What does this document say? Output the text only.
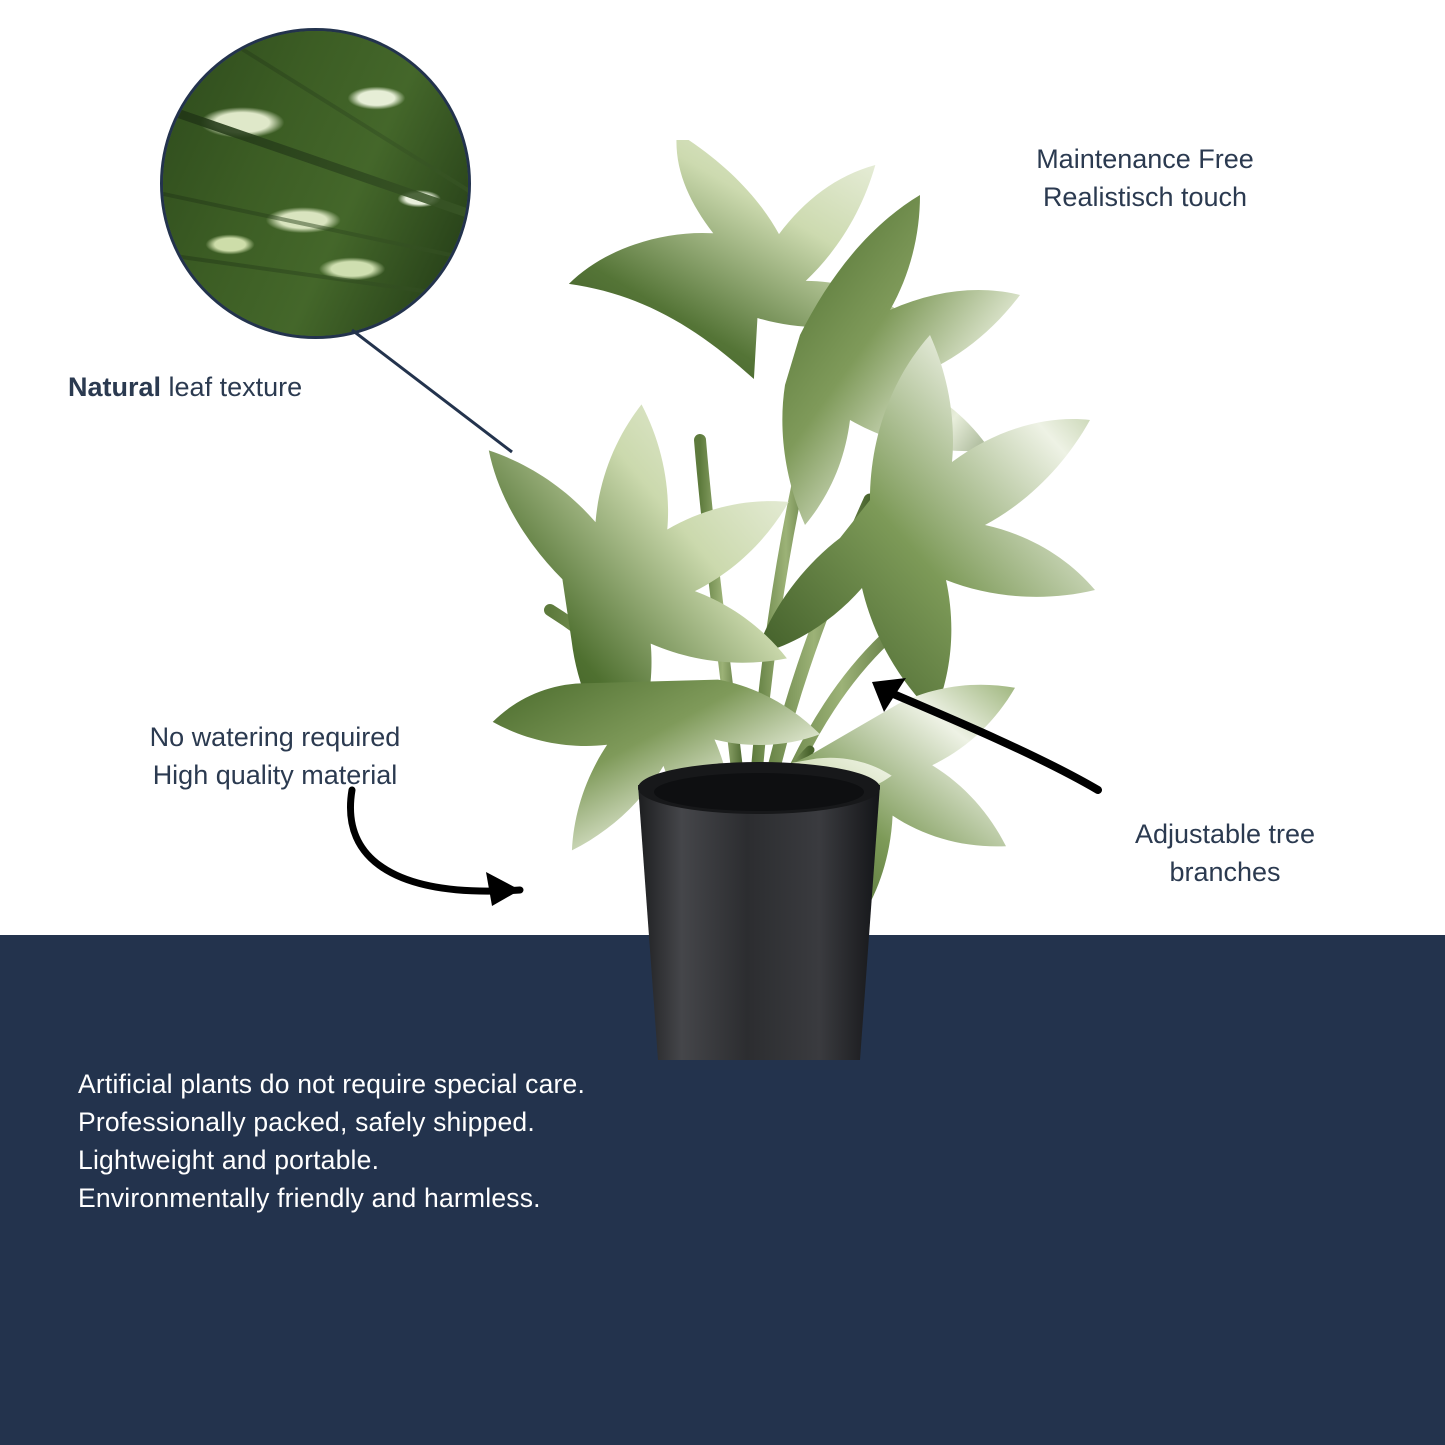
Maintenance Free
Realistisch touch
Natural leaf texture
No watering required
High quality material
Adjustable tree
branches
Artificial plants do not require special care.
Professionally packed, safely shipped.
Lightweight and portable.
Environmentally friendly and harmless.
